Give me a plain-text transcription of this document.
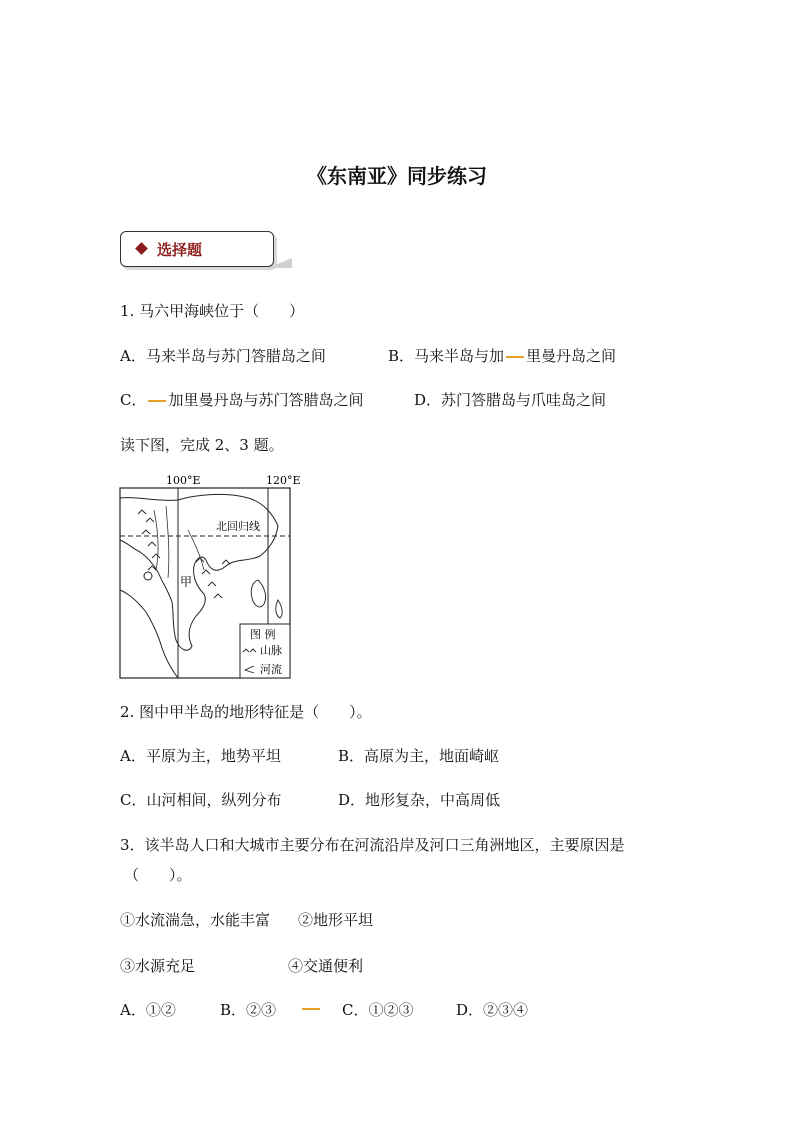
《东南亚》同步练习
选择题
1. 马六甲海峡位于（　　）
A．马来半岛与苏门答腊岛之间	B．马来半岛与加 里曼丹岛之间
C． 加里曼丹岛与苏门答腊岛之间	D．苏门答腊岛与爪哇岛之间
读下图，完成 2、3 题。
100°E	120°E
北回归线
甲
图 例
山脉
河流
2. 图中甲半岛的地形特征是（　　）。
A．平原为主，地势平坦	B．高原为主，地面崎岖
C．山河相间，纵列分布	D．地形复杂，中高周低
3．该半岛人口和大城市主要分布在河流沿岸及河口三角洲地区，主要原因是
（　　）。
①水流湍急，水能丰富 ②地形平坦
③水源充足	④交通便利
A．①②	B．②③	C．①②③	D．②③④
